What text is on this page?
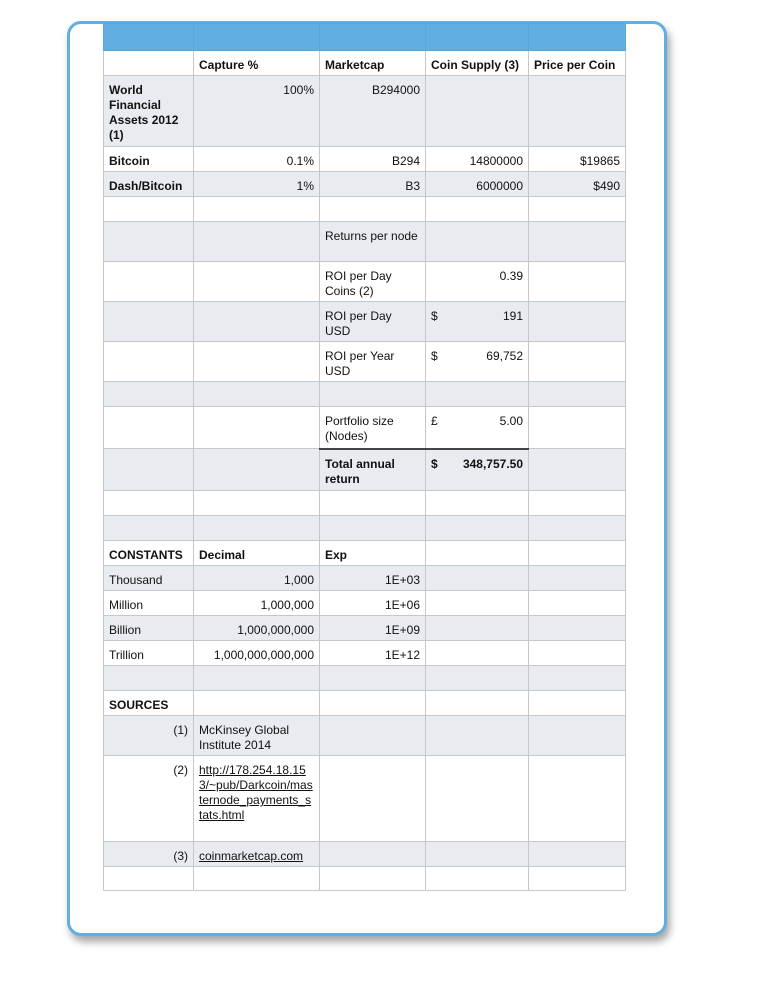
	Capture %	Marketcap	Coin Supply (3)	Price per Coin
World Financial Assets 2012 (1)	100%	B294000		
Bitcoin	0.1%	B294	14800000	$19865
Dash/Bitcoin	1%	B3	6000000	$490

		Returns per node		
		ROI per Day Coins (2)	0.39	
		ROI per Day USD	$ 191	
		ROI per Year USD	$ 69,752	

		Portfolio size (Nodes)	£ 5.00	
		Total annual return	$ 348,757.50	

CONSTANTS	Decimal	Exp		
Thousand	1,000	1E+03		
Million	1,000,000	1E+06		
Billion	1,000,000,000	1E+09		
Trillion	1,000,000,000,000	1E+12		

SOURCES				
(1)	McKinsey Global Institute 2014			
(2)	http://178.254.18.153/~pub/Darkcoin/masternode_payments_stats.html			
(3)	coinmarketcap.com			
